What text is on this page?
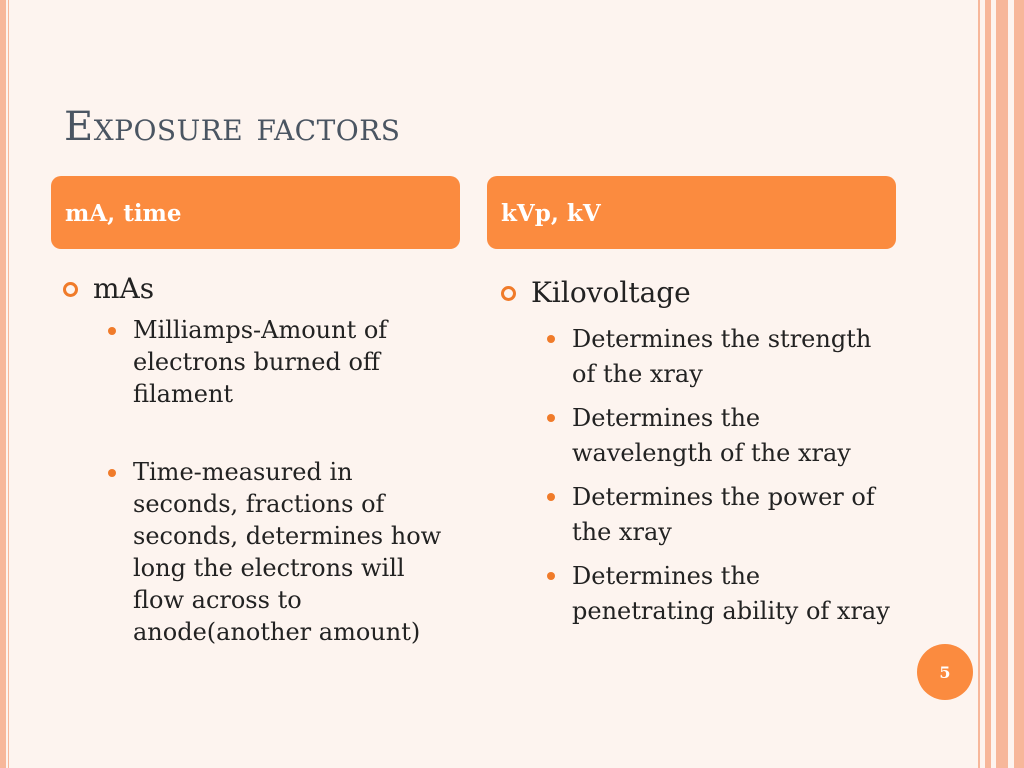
Exposure factors
mA, time	kVp, kV
mAs
Milliamps-Amount of electrons burned off filament
Time-measured in seconds, fractions of seconds, determines how long the electrons will flow across to anode(another amount)
Kilovoltage
Determines the strength of the xray
Determines the wavelength of the xray
Determines the power of the xray
Determines the penetrating ability of xray
5
